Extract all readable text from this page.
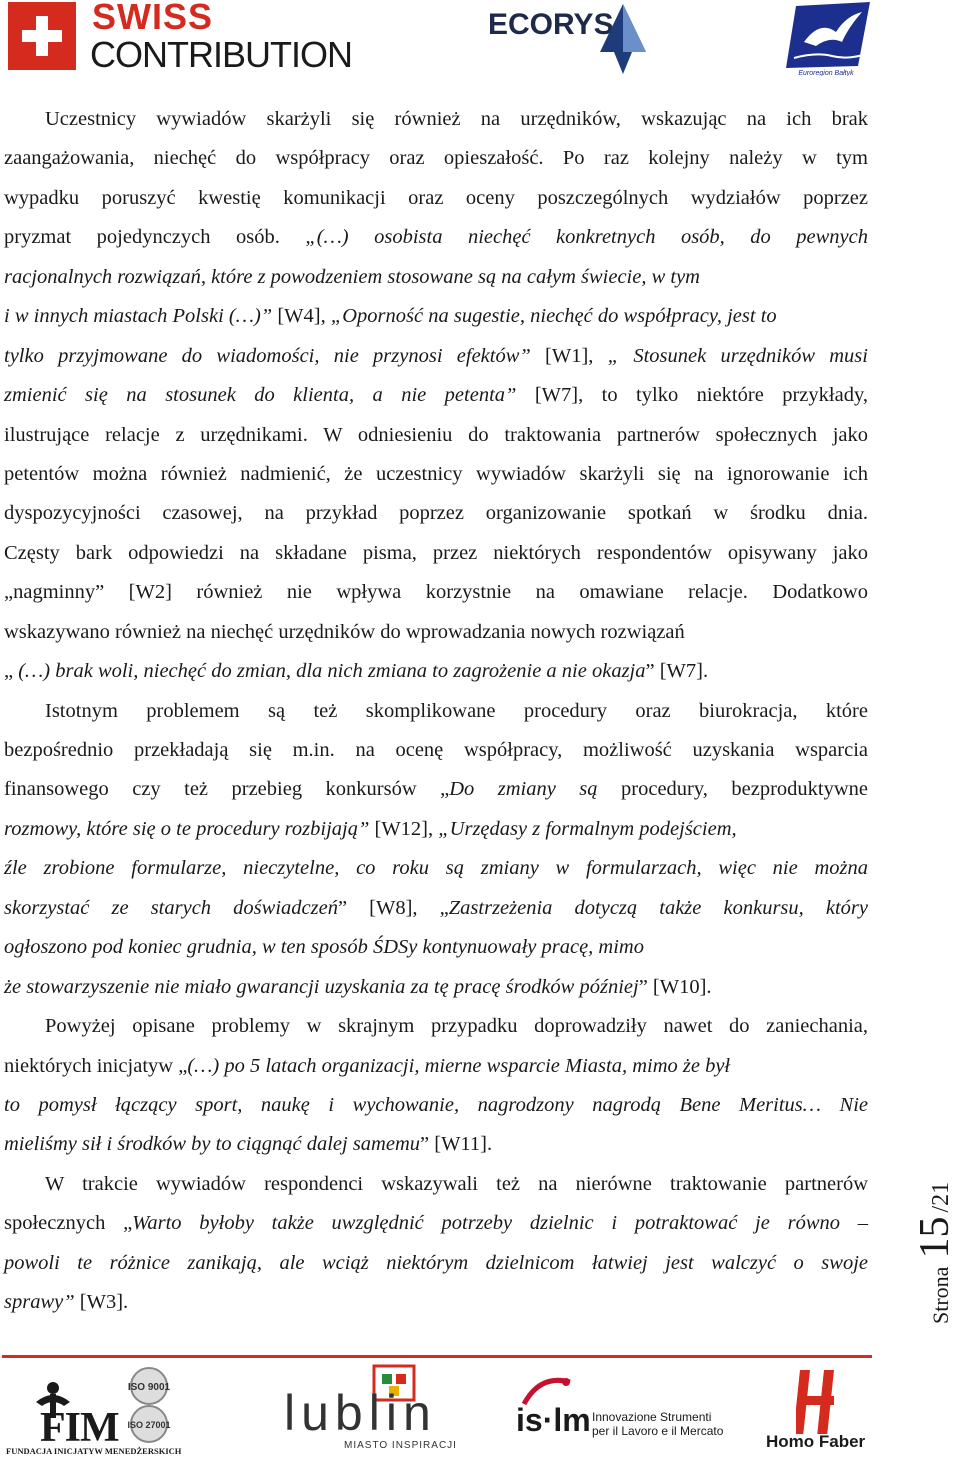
SWISS
CONTRIBUTION
ECORYS
Euroregion Bałtyk
Uczestnicy wywiadów skarżyli się również na urzędników, wskazując na ich brak
zaangażowania, niechęć do współpracy oraz opieszałość. Po raz kolejny należy w tym
wypadku poruszyć kwestię komunikacji oraz oceny poszczególnych wydziałów poprzez
pryzmat pojedynczych osób. „(…) osobista niechęć konkretnych osób, do pewnych
racjonalnych rozwiązań, które z powodzeniem stosowane są na całym świecie, w tym
i w innych miastach Polski (…)” [W4], „Oporność na sugestie, niechęć do współpracy, jest to
tylko przyjmowane do wiadomości, nie przynosi efektów” [W1], „ Stosunek urzędników musi
zmienić się na stosunek do klienta, a nie petenta” [W7], to tylko niektóre przykłady,
ilustrujące relacje z urzędnikami. W odniesieniu do traktowania partnerów społecznych jako
petentów można również nadmienić, że uczestnicy wywiadów skarżyli się na ignorowanie ich
dyspozycyjności czasowej, na przykład poprzez organizowanie spotkań w środku dnia.
Częsty bark odpowiedzi na składane pisma, przez niektórych respondentów opisywany jako
„nagminny” [W2] również nie wpływa korzystnie na omawiane relacje. Dodatkowo
wskazywano również na niechęć urzędników do wprowadzania nowych rozwiązań
„ (…) brak woli, niechęć do zmian, dla nich zmiana to zagrożenie a nie okazja” [W7].
Istotnym problemem są też skomplikowane procedury oraz biurokracja, które
bezpośrednio przekładają się m.in. na ocenę współpracy, możliwość uzyskania wsparcia
finansowego czy też przebieg konkursów „Do zmiany są procedury, bezproduktywne
rozmowy, które się o te procedury rozbijają” [W12], „Urzędasy z formalnym podejściem,
źle zrobione formularze, nieczytelne, co roku są zmiany w formularzach, więc nie można
skorzystać ze starych doświadczeń” [W8], „Zastrzeżenia dotyczą także konkursu, który
ogłoszono pod koniec grudnia, w ten sposób ŚDSy kontynuowały pracę, mimo
że stowarzyszenie nie miało gwarancji uzyskania za tę pracę środków później” [W10].
Powyżej opisane problemy w skrajnym przypadku doprowadziły nawet do zaniechania,
niektórych inicjatyw „(…) po 5 latach organizacji, mierne wsparcie Miasta, mimo że był
to pomysł łączący sport, naukę i wychowanie, nagrodzony nagrodą Bene Meritus… Nie
mieliśmy sił i środków by to ciągnąć dalej samemu” [W11].
W trakcie wywiadów respondenci wskazywali też na nierówne traktowanie partnerów
społecznych „Warto byłoby także uwzględnić potrzeby dzielnic i potraktować je równo –
powoli te różnice zanikają, ale wciąż niektórym dzielnicom łatwiej jest walczyć o swoje
sprawy” [W3].	Strona 15 /21
FIM
FUNDACJA INICJATYW MENEDŻERSKICH
ISO 9001
ISO 27001 lublin
MIASTO INSPIRACJI
is·lm Innovazione Strumenti
per il Lavoro e il Mercato
Homo Faber
